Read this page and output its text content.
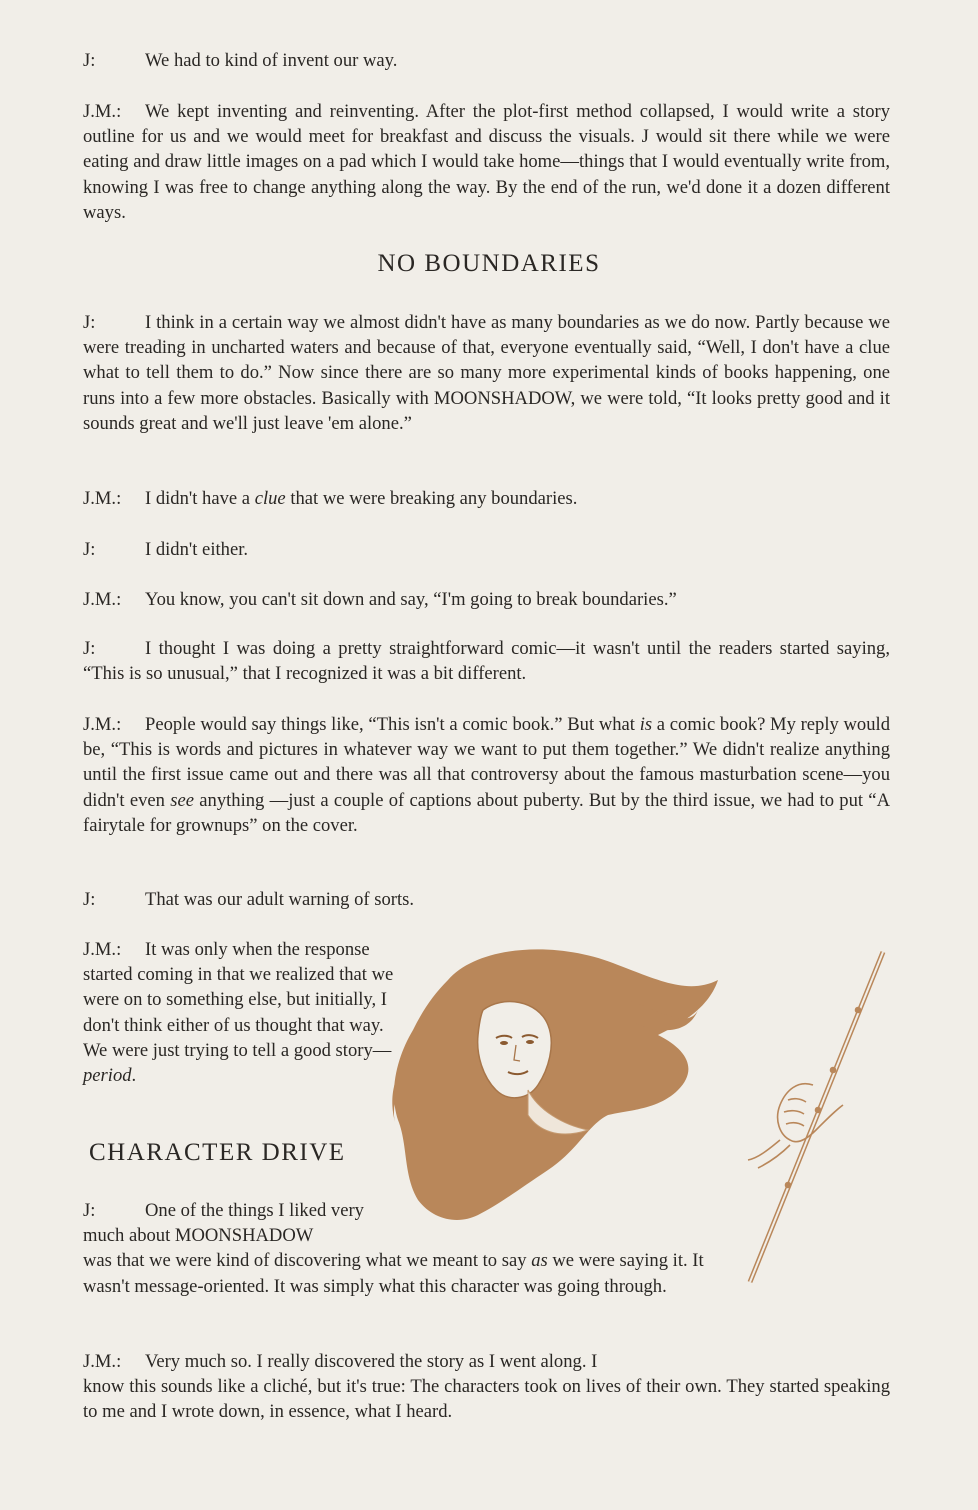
J:	We had to kind of invent our way.

J.M.: We kept inventing and reinventing. After the plot-first method collapsed, I would write a story outline for us and we would meet for breakfast and discuss the visuals. J would sit there while we were eating and draw little images on a pad which I would take home—things that I would eventually write from, knowing I was free to change anything along the way. By the end of the run, we'd done it a dozen different ways.

NO BOUNDARIES

J:	I think in a certain way we almost didn't have as many boundaries as we do now. Partly because we were treading in uncharted waters and because of that, everyone eventually said, “Well, I don't have a clue what to tell them to do.” Now since there are so many more experimental kinds of books happening, one runs into a few more obstacles. Basically with MOONSHADOW, we were told, “It looks pretty good and it sounds great and we'll just leave 'em alone.”

J.M.: I didn't have a clue that we were breaking any boundaries.

J:	I didn't either.

J.M.: You know, you can't sit down and say, “I'm going to break boundaries.”

J:	I thought I was doing a pretty straightforward comic—it wasn't until the readers started saying, “This is so unusual,” that I recognized it was a bit different.

J.M.: People would say things like, “This isn't a comic book.” But what is a comic book? My reply would be, “This is words and pictures in whatever way we want to put them together.” We didn't realize anything until the first issue came out and there was all that controversy about the famous masturbation scene—you didn't even see anything —just a couple of captions about puberty. But by the third issue, we had to put “A fairytale for grownups” on the cover.

J:	That was our adult warning of sorts.

J.M.: It was only when the response started coming in that we realized that we were on to something else, but initially, I don't think either of us thought that way. We were just trying to tell a good story—period.

CHARACTER DRIVE
J:	One of the things I liked very much about MOONSHADOW
was that we were kind of discovering what we meant to say as we were saying it. It wasn't message-oriented. It was simply what this character was going through.
J.M.: Very much so. I really discovered the story as I went along. I
know this sounds like a cliché, but it's true: The characters took on lives of their own. They started speaking to me and I wrote down, in essence, what I heard.
